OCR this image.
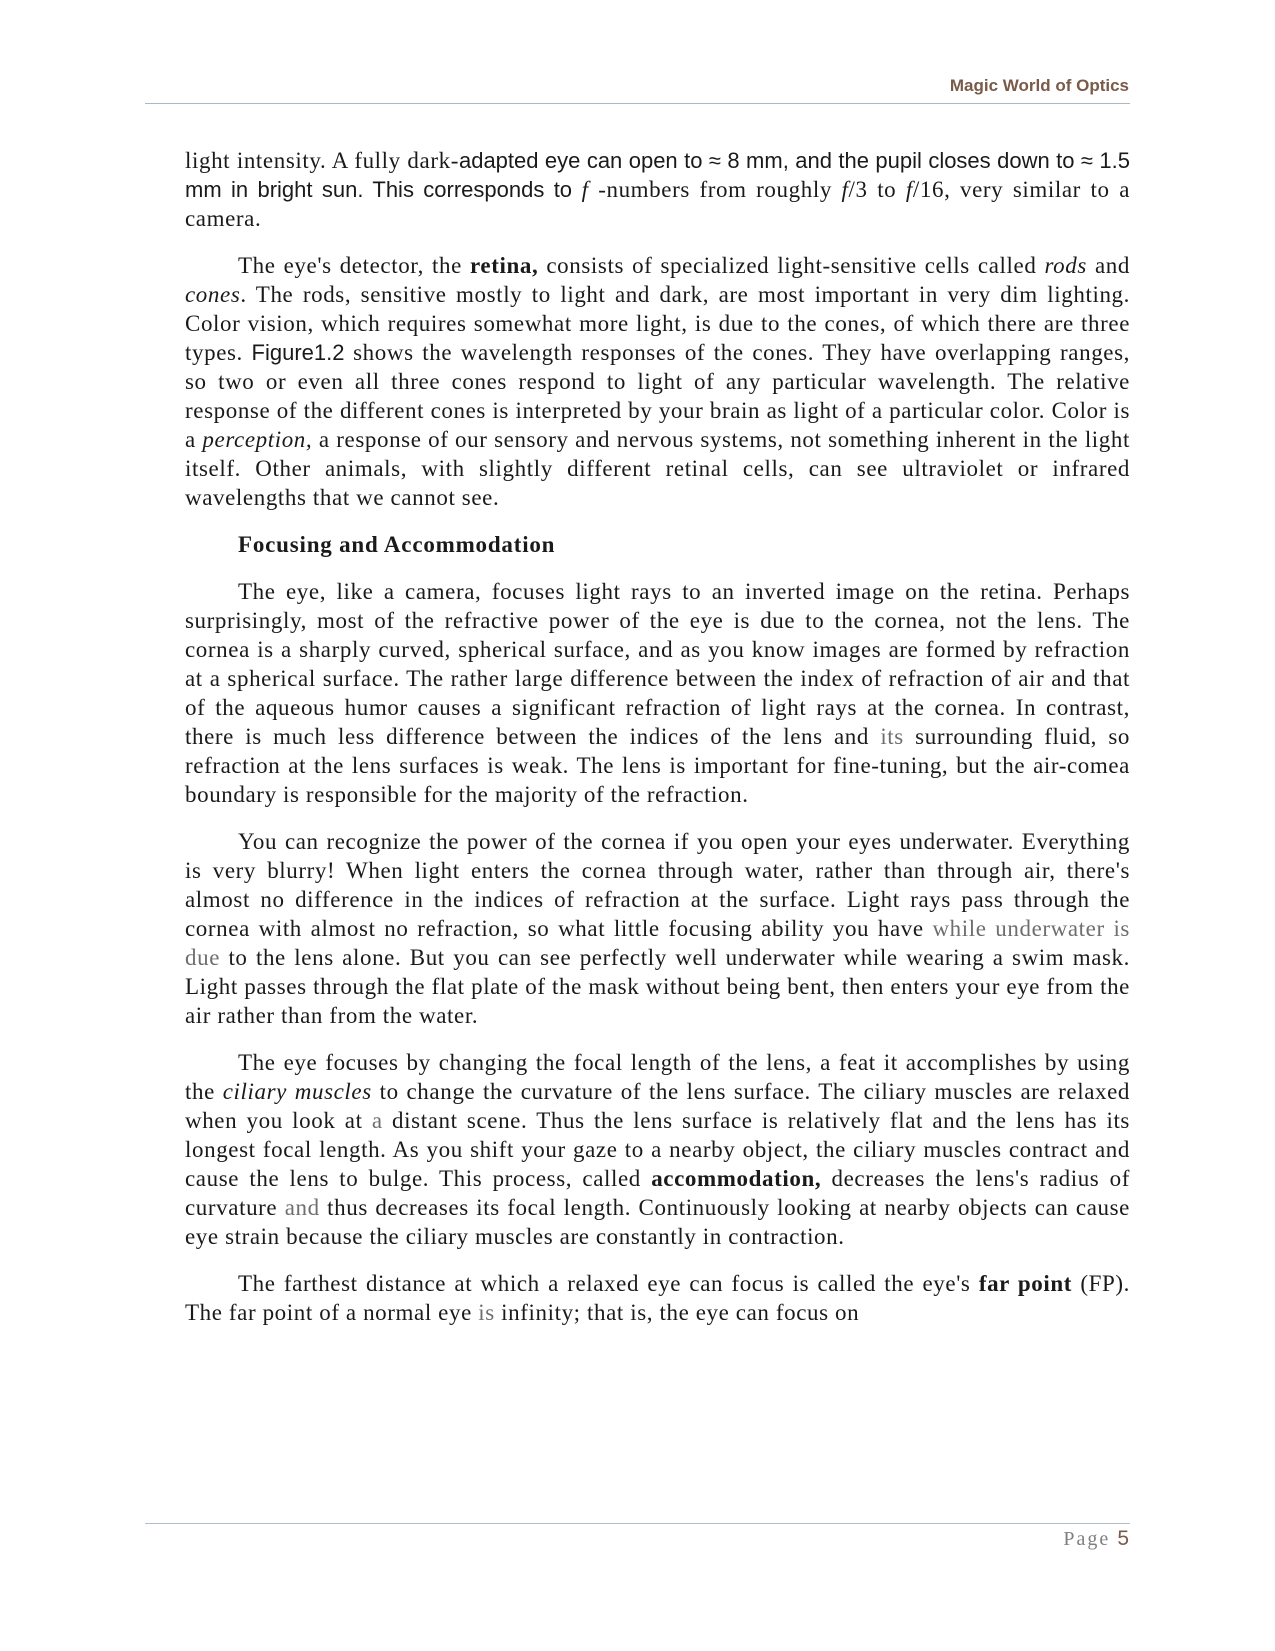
Magic World of Optics

light intensity. A fully dark-adapted eye can open to ≈ 8 mm, and the pupil closes down to ≈ 1.5 mm in bright sun. This corresponds to f -numbers from roughly f/3 to f/16, very similar to a camera.

The eye's detector, the retina, consists of specialized light-sensitive cells called rods and cones. The rods, sensitive mostly to light and dark, are most important in very dim lighting. Color vision, which requires somewhat more light, is due to the cones, of which there are three types. Figure1.2 shows the wavelength responses of the cones. They have overlapping ranges, so two or even all three cones respond to light of any particular wavelength. The relative response of the different cones is interpreted by your brain as light of a particular color. Color is a perception, a response of our sensory and nervous systems, not something inherent in the light itself. Other animals, with slightly different retinal cells, can see ultraviolet or infrared wavelengths that we cannot see.

Focusing and Accommodation

The eye, like a camera, focuses light rays to an inverted image on the retina. Perhaps surprisingly, most of the refractive power of the eye is due to the cornea, not the lens. The cornea is a sharply curved, spherical surface, and as you know images are formed by refraction at a spherical surface. The rather large difference between the index of refraction of air and that of the aqueous humor causes a significant refraction of light rays at the cornea. In contrast, there is much less difference between the indices of the lens and its surrounding fluid, so refraction at the lens surfaces is weak. The lens is important for fine-tuning, but the air-comea boundary is responsible for the majority of the refraction.

You can recognize the power of the cornea if you open your eyes underwater. Everything is very blurry! When light enters the cornea through water, rather than through air, there's almost no difference in the indices of refraction at the surface. Light rays pass through the cornea with almost no refraction, so what little focusing ability you have while underwater is due to the lens alone. But you can see perfectly well underwater while wearing a swim mask. Light passes through the flat plate of the mask without being bent, then enters your eye from the air rather than from the water.

The eye focuses by changing the focal length of the lens, a feat it accomplishes by using the ciliary muscles to change the curvature of the lens surface. The ciliary muscles are relaxed when you look at a distant scene. Thus the lens surface is relatively flat and the lens has its longest focal length. As you shift your gaze to a nearby object, the ciliary muscles contract and cause the lens to bulge. This process, called accommodation, decreases the lens's radius of curvature and thus decreases its focal length. Continuously looking at nearby objects can cause eye strain because the ciliary muscles are constantly in contraction.

The farthest distance at which a relaxed eye can focus is called the eye's far point (FP). The far point of a normal eye is infinity; that is, the eye can focus on

Page 5
